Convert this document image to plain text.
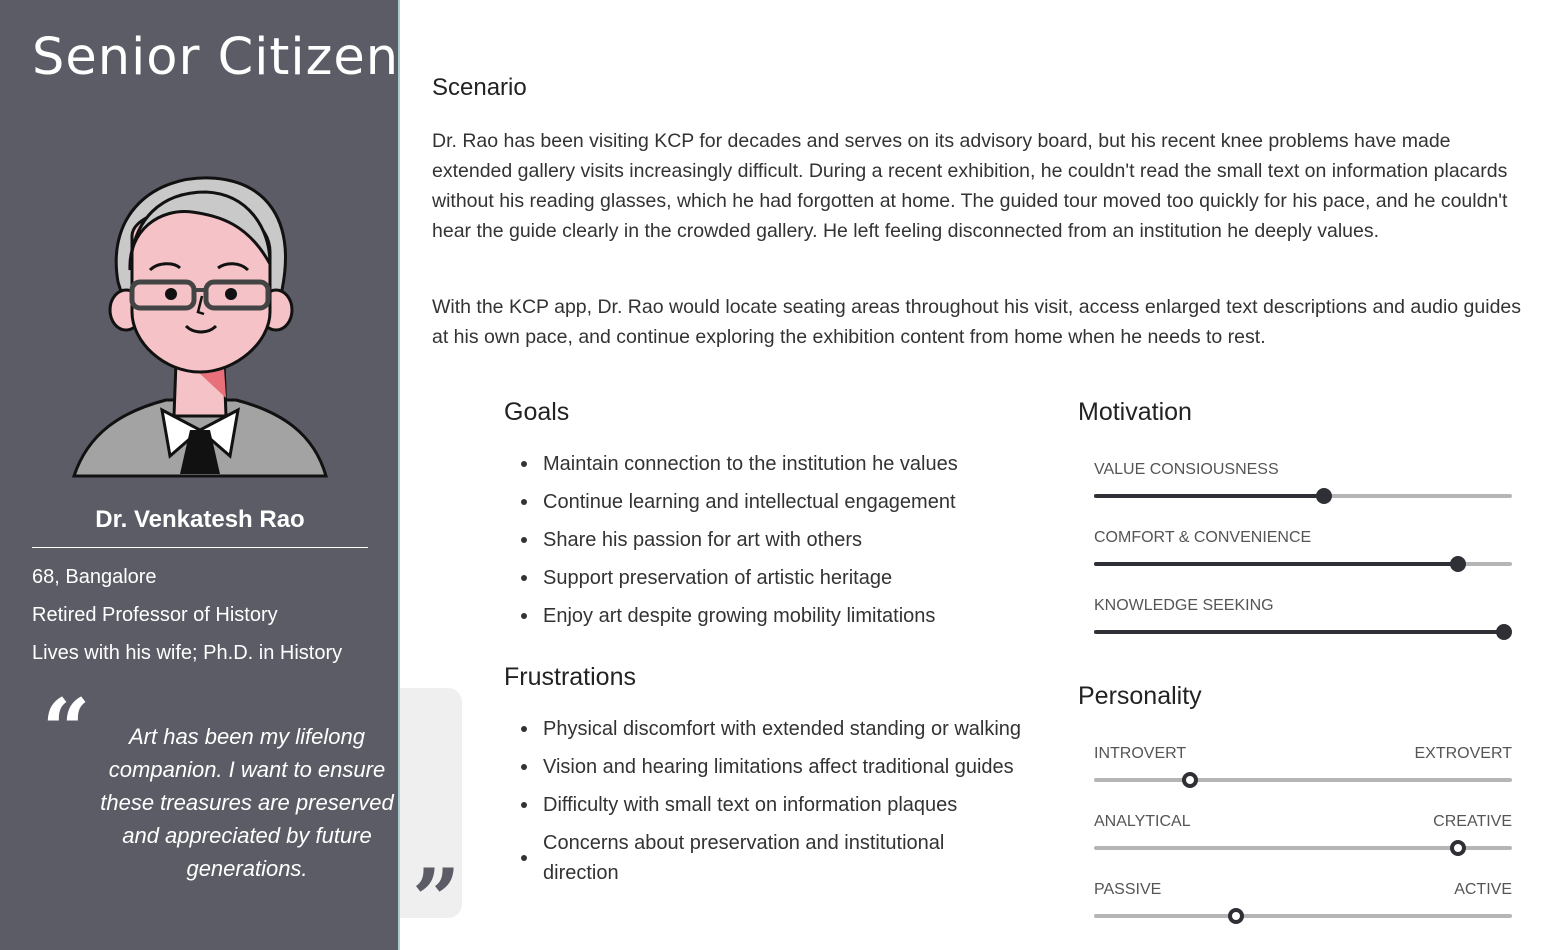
Senior Citizen
Dr. Venkatesh Rao
68, Bangalore
Retired Professor of History
Lives with his wife; Ph.D. in History
“	Art has been my lifelong companion. I want to ensure these treasures are preserved and appreciated by future generations.	”
Scenario
Dr. Rao has been visiting KCP for decades and serves on its advisory board, but his recent knee problems have made extended gallery visits increasingly difficult. During a recent exhibition, he couldn't read the small text on information placards without his reading glasses, which he had forgotten at home. The guided tour moved too quickly for his pace, and he couldn't hear the guide clearly in the crowded gallery. He left feeling disconnected from an institution he deeply values.
With the KCP app, Dr. Rao would locate seating areas throughout his visit, access enlarged text descriptions and audio guides at his own pace, and continue exploring the exhibition content from home when he needs to rest.
Goals
Maintain connection to the institution he values
Continue learning and intellectual engagement
Share his passion for art with others
Support preservation of artistic heritage
Enjoy art despite growing mobility limitations
Frustrations
Physical discomfort with extended standing or walking
Vision and hearing limitations affect traditional guides
Difficulty with small text on information plaques
Concerns about preservation and institutional direction
Motivation
VALUE CONSIOUSNESS
COMFORT & CONVENIENCE
KNOWLEDGE SEEKING
Personality
INTROVERT	EXTROVERT
ANALYTICAL	CREATIVE
PASSIVE	ACTIVE
